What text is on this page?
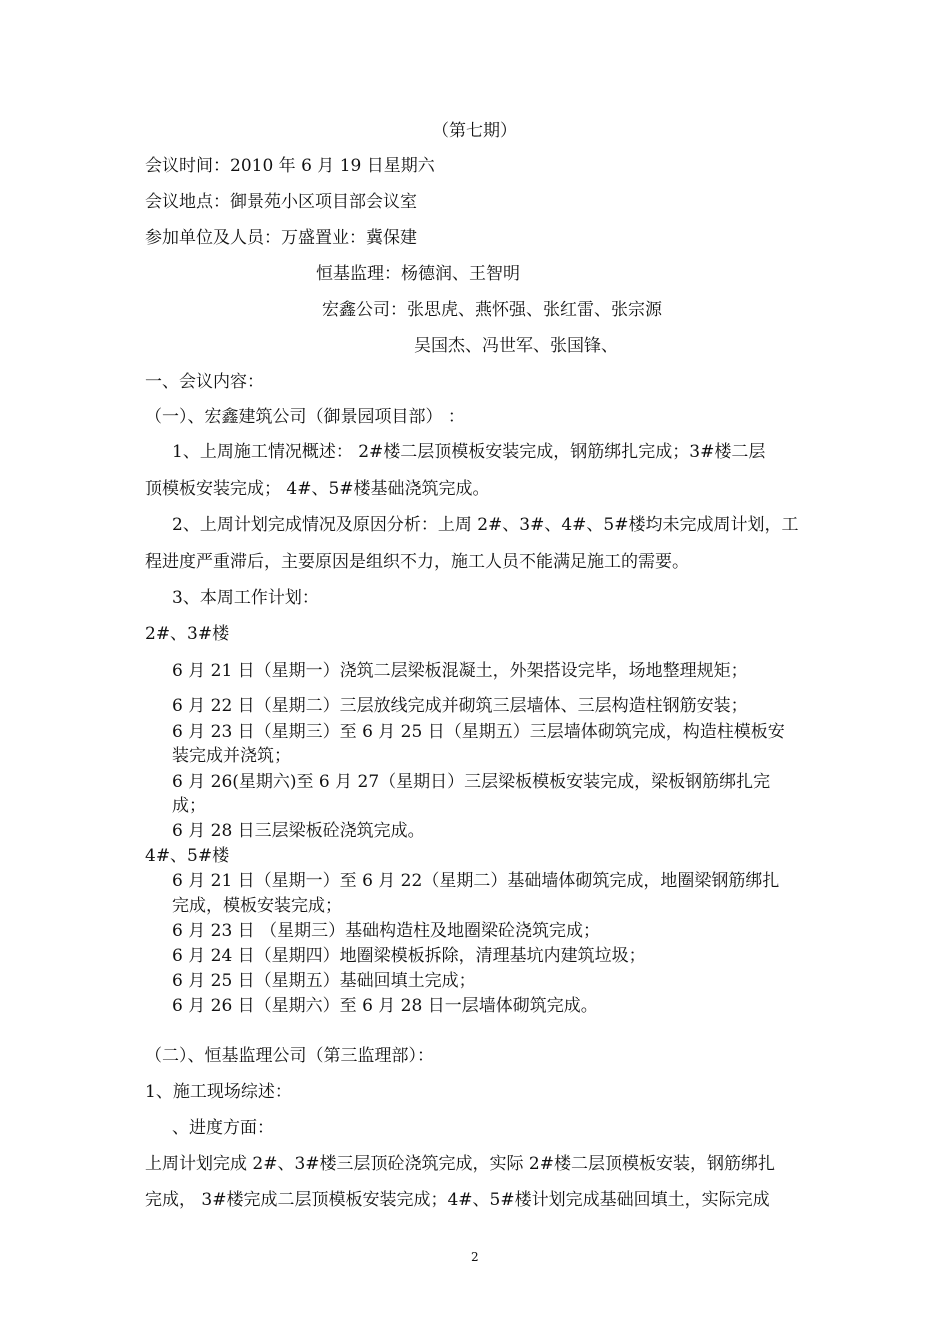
（第七期）
会议时间：2010 年 6 月 19 日星期六
会议地点：御景苑小区项目部会议室
参加单位及人员：万盛置业：冀保建
恒基监理：杨德润、王智明
宏鑫公司：张思虎、燕怀强、张红雷、张宗源
吴国杰、冯世军、张国锋、
一、会议内容：
（一）、宏鑫建筑公司（御景园项目部） ：
1、上周施工情况概述： 2#楼二层顶模板安装完成，钢筋绑扎完成；3#楼二层
顶模板安装完成； 4#、5#楼基础浇筑完成。
2、上周计划完成情况及原因分析：上周 2#、3#、4#、5#楼均未完成周计划，工
程进度严重滞后，主要原因是组织不力，施工人员不能满足施工的需要。
3、本周工作计划：
2#、3#楼
6 月 21 日（星期一）浇筑二层梁板混凝土，外架搭设完毕，场地整理规矩；
6 月 22 日（星期二）三层放线完成并砌筑三层墙体、三层构造柱钢筋安装；
6 月 23 日（星期三）至 6 月 25 日（星期五）三层墙体砌筑完成，构造柱模板安
装完成并浇筑；
6 月 26(星期六)至 6 月 27（星期日）三层梁板模板安装完成，梁板钢筋绑扎完
成；
6 月 28 日三层梁板砼浇筑完成。
4#、5#楼
6 月 21 日（星期一）至 6 月 22（星期二）基础墙体砌筑完成，地圈梁钢筋绑扎
完成，模板安装完成；
6 月 23 日 （星期三）基础构造柱及地圈梁砼浇筑完成；
6 月 24 日（星期四）地圈梁模板拆除，清理基坑内建筑垃圾；
6 月 25 日（星期五）基础回填土完成；
6 月 26 日（星期六）至 6 月 28 日一层墙体砌筑完成。
（二）、恒基监理公司（第三监理部）：
1、施工现场综述：
、进度方面：
上周计划完成 2#、3#楼三层顶砼浇筑完成，实际 2#楼二层顶模板安装，钢筋绑扎
完成， 3#楼完成二层顶模板安装完成；4#、5#楼计划完成基础回填土，实际完成
2
